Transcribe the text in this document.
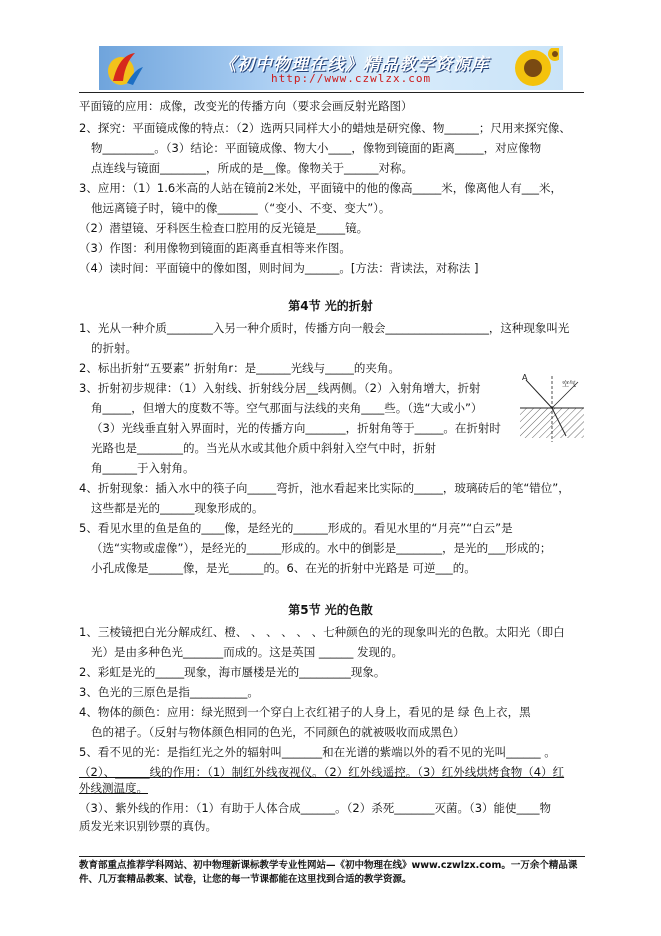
《初中物理在线》精品教学资源库
http://www.czwlzx.com
平面镜的应用：成像，改变光的传播方向（要求会画反射光路图）
2、探究：平面镜成像的特点：（2）选两只同样大小的蜡烛是研究像、物______；尺用来探究像、
物_________。（3）结论：平面镜成像、物大小____，像物到镜面的距离_____，对应像物
点连线与镜面________，所成的是__像。像物关于______对称。
3、应用：（1）1.6米高的人站在镜前2米处，平面镜中的他的像高_____米，像离他人有___米，
他远离镜子时，镜中的像_______（“变小、不变、变大”）。
（2）潜望镜、牙科医生检查口腔用的反光镜是_____镜。
（3）作图：利用像物到镜面的距离垂直相等来作图。
（4）读时间：平面镜中的像如图，则时间为______。[方法：背读法，对称法 ]
第4节 光的折射
1、光从一种介质________入另一种介质时，传播方向一般会__________________，这种现象叫光
的折射。
2、标出折射“五要素” 折射角r：是______光线与_____的夹角。
3、折射初步规律：（1）入射线、折射线分居__线两侧。（2）入射角增大，折射
角_____，但增大的度数不等。空气那面与法线的夹角____些。（选“大或小”）
（3）光线垂直射入界面时，光的传播方向_______，折射角等于_____。在折射时
光路也是________的。当光从水或其他介质中斜射入空气中时，折射
角______于入射角。
A
空气
4、折射现象：插入水中的筷子向_____弯折，池水看起来比实际的_____，玻璃砖后的笔“错位”，
这些都是光的______现象形成的。
5、看见水里的鱼是鱼的____像，是经光的______形成的。看见水里的“月亮”“白云”是
（选“实物或虚像”），是经光的______形成的。水中的倒影是________，是光的___形成的；
小孔成像是______像，是光______的。6、在光的折射中光路是 可逆___的。
第5节 光的色散
1、三棱镜把白光分解成红、橙、 、 、 、 、 、七种颜色的光的现象叫光的色散。太阳光（即白
光）是由多种色光_______而成的。这是英国 ______ 发现的。
2、彩虹是光的_____现象，海市蜃楼是光的_________现象。
3、色光的三原色是指__________。
4、物体的颜色：应用：绿光照到一个穿白上衣红裙子的人身上，看见的是 绿 色上衣，黑
色的裙子。（反射与物体颜色相同的色光，不同颜色的就被吸收而成黑色）
5、看不见的光：是指红光之外的辐射叫_______和在光谱的紫端以外的看不见的光叫______ 。
（2）、______线的作用：（1）制红外线夜视仪。（2）红外线遥控。（3）红外线烘烤食物（4）红
外线测温度。
（3）、紫外线的作用：（1）有助于人体合成______。（2）杀死_______灭菌。（3）能使____物
质发光来识别钞票的真伪。
教育部重点推荐学科网站、初中物理新课标教学专业性网站—《初中物理在线》www.czwlzx.com。一万余个精品课
件、几万套精品教案、试卷，让您的每一节课都能在这里找到合适的教学资源。
